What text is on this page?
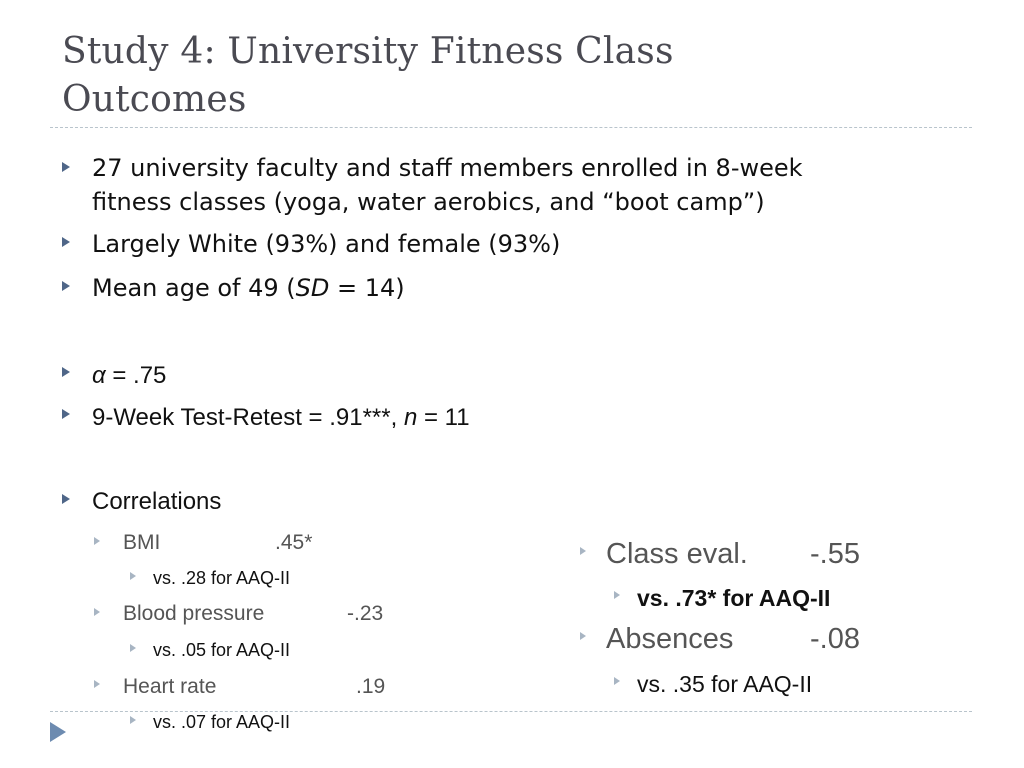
Study 4: University Fitness Class
Outcomes
27 university faculty and staff members enrolled in 8-week
fitness classes (yoga, water aerobics, and “boot camp”)
Largely White (93%) and female (93%)
Mean age of 49 (SD = 14)
α = .75
9-Week Test-Retest = .91***, n = 11
Correlations
BMI	.45*
vs. .28 for AAQ-II
Blood pressure	-.23
vs. .05 for AAQ-II
Heart rate	.19
vs. .07 for AAQ-II
Class eval. -.55
vs. .73* for AAQ-II
Absences	-.08
vs. .35 for AAQ-II
